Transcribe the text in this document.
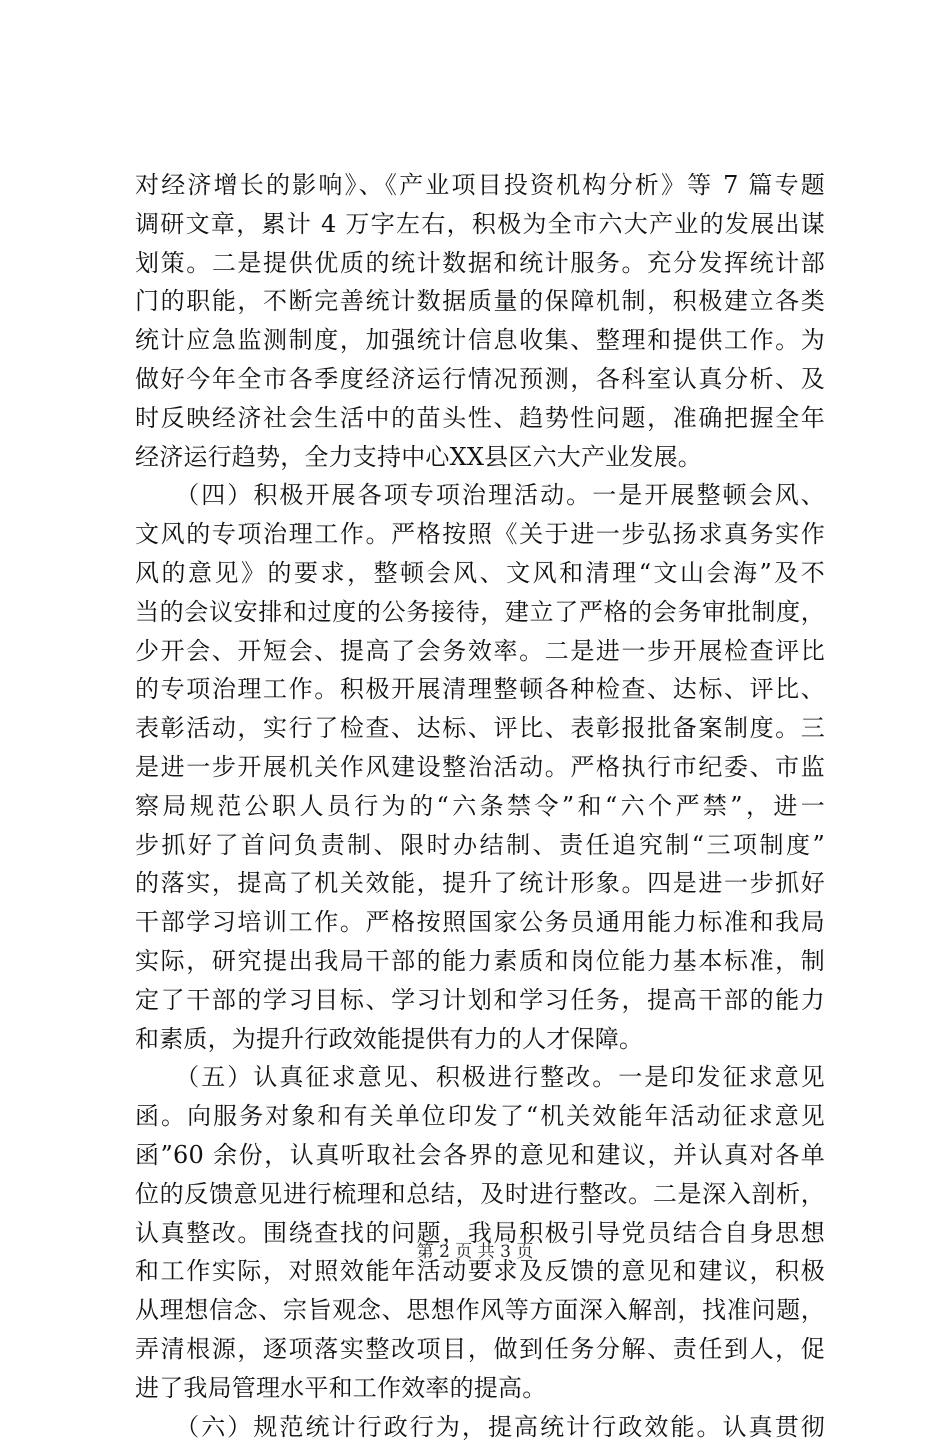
对经济增长的影响》、《产业项目投资机构分析》等 7 篇专题
调研文章，累计 4 万字左右，积极为全市六大产业的发展出谋
划策。二是提供优质的统计数据和统计服务。充分发挥统计部
门的职能，不断完善统计数据质量的保障机制，积极建立各类
统计应急监测制度，加强统计信息收集、整理和提供工作。为
做好今年全市各季度经济运行情况预测，各科室认真分析、及
时反映经济社会生活中的苗头性、趋势性问题，准确把握全年
经济运行趋势，全力支持中心XX县区六大产业发展。
　　（四）积极开展各项专项治理活动。一是开展整顿会风、
文风的专项治理工作。严格按照《关于进一步弘扬求真务实作
风的意见》的要求，整顿会风、文风和清理“文山会海”及不
当的会议安排和过度的公务接待，建立了严格的会务审批制度，
少开会、开短会、提高了会务效率。二是进一步开展检查评比
的专项治理工作。积极开展清理整顿各种检查、达标、评比、
表彰活动，实行了检查、达标、评比、表彰报批备案制度。三
是进一步开展机关作风建设整治活动。严格执行市纪委、市监
察局规范公职人员行为的“六条禁令”和“六个严禁”，进一
步抓好了首问负责制、限时办结制、责任追究制“三项制度”
的落实，提高了机关效能，提升了统计形象。四是进一步抓好
干部学习培训工作。严格按照国家公务员通用能力标准和我局
实际，研究提出我局干部的能力素质和岗位能力基本标准，制
定了干部的学习目标、学习计划和学习任务，提高干部的能力
和素质，为提升行政效能提供有力的人才保障。
　　（五）认真征求意见、积极进行整改。一是印发征求意见
函。向服务对象和有关单位印发了“机关效能年活动征求意见
函”60 余份，认真听取社会各界的意见和建议，并认真对各单
位的反馈意见进行梳理和总结，及时进行整改。二是深入剖析，
认真整改。围绕查找的问题，我局积极引导党员结合自身思想
和工作实际，对照效能年活动要求及反馈的意见和建议，积极
从理想信念、宗旨观念、思想作风等方面深入解剖，找准问题，
弄清根源，逐项落实整改项目，做到任务分解、责任到人，促
进了我局管理水平和工作效率的提高。
　　（六）规范统计行政行为，提高统计行政效能。认真贯彻
第 2 页 共 3 页
